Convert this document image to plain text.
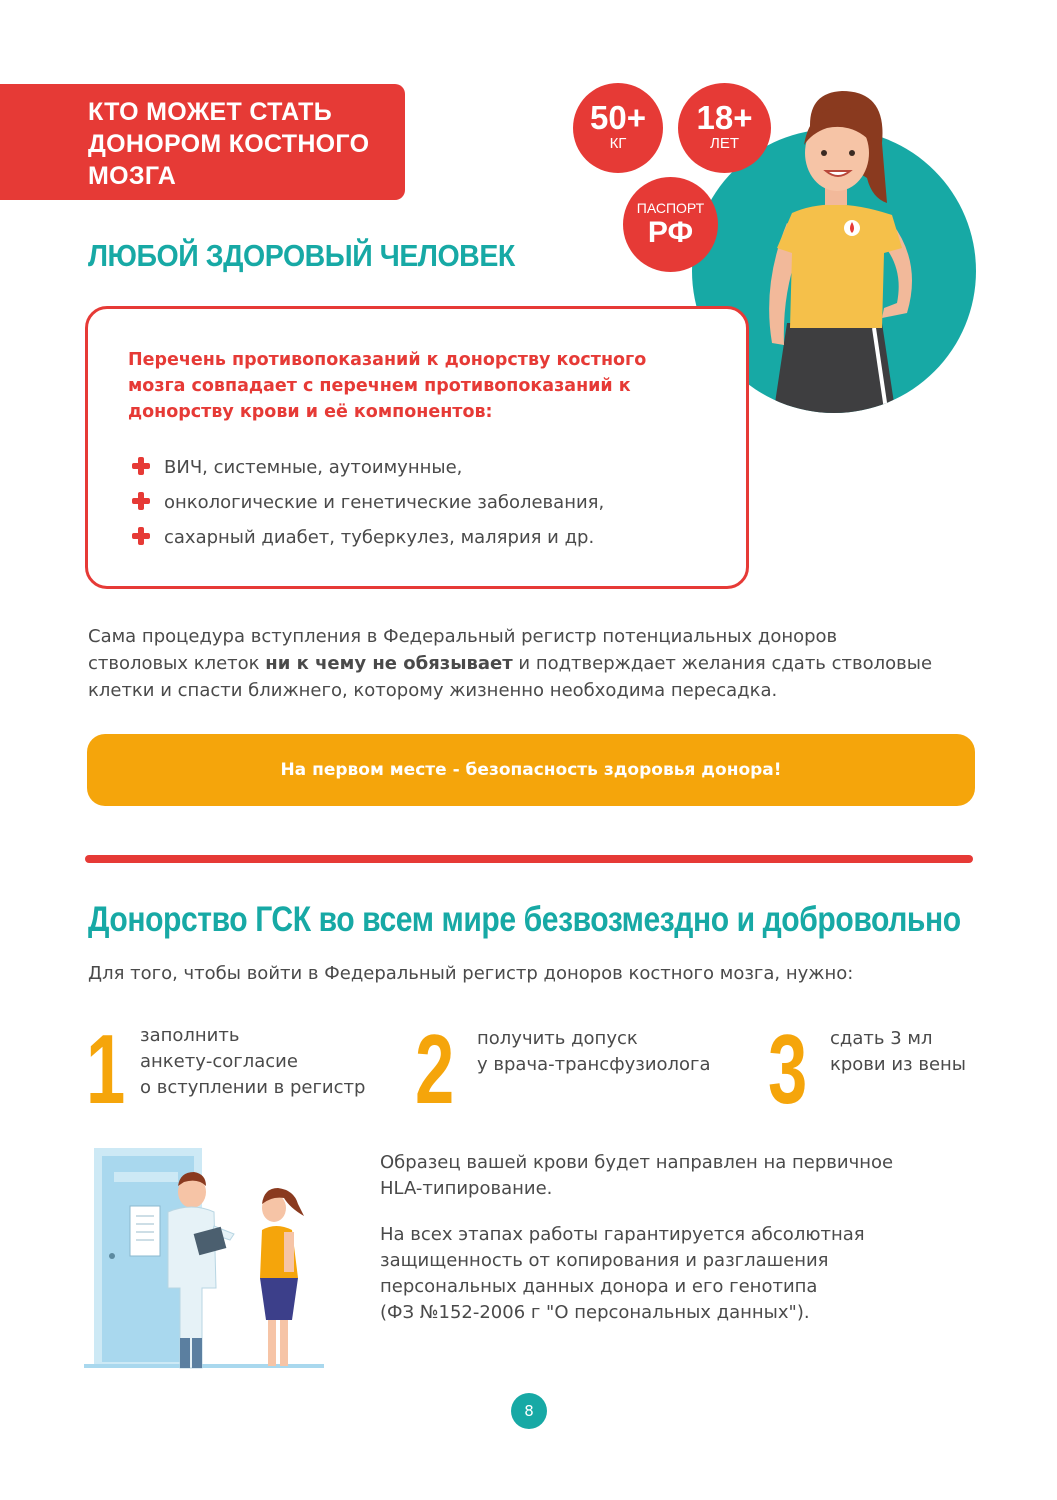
КТО МОЖЕТ СТАТЬ
ДОНОРОМ КОСТНОГО
МОЗГА
ЛЮБОЙ ЗДОРОВЫЙ ЧЕЛОВЕК
50+
КГ
18+
ЛЕТ
ПАСПОРТ
РФ
Перечень противопоказаний к донорству костного
мозга совпадает с перечнем противопоказаний к
донорству крови и её компонентов:
ВИЧ, системные, аутоимунные,
онкологические и генетические заболевания,
сахарный диабет, туберкулез, малярия и др.
Сама процедура вступления в Федеральный регистр потенциальных доноров
стволовых клеток ни к чему не обязывает и подтверждает желания сдать стволовые
клетки и спасти ближнего, которому жизненно необходима пересадка.
На первом месте - безопасность здоровья донора!
Донорство ГСК во всем мире безвозмездно и добровольно
Для того, чтобы войти в Федеральный регистр доноров костного мозга, нужно:
1 заполнить
анкету-согласие
о вступлении в регистр 2 получить допуск
у врача-трансфузиолога 3 сдать 3 мл
крови из вены
Образец вашей крови будет направлен на первичное
HLA-типирование.
На всех этапах работы гарантируется абсолютная
защищенность от копирования и разглашения
персональных данных донора и его генотипа
(ФЗ №152-2006 г "О персональных данных").
8
